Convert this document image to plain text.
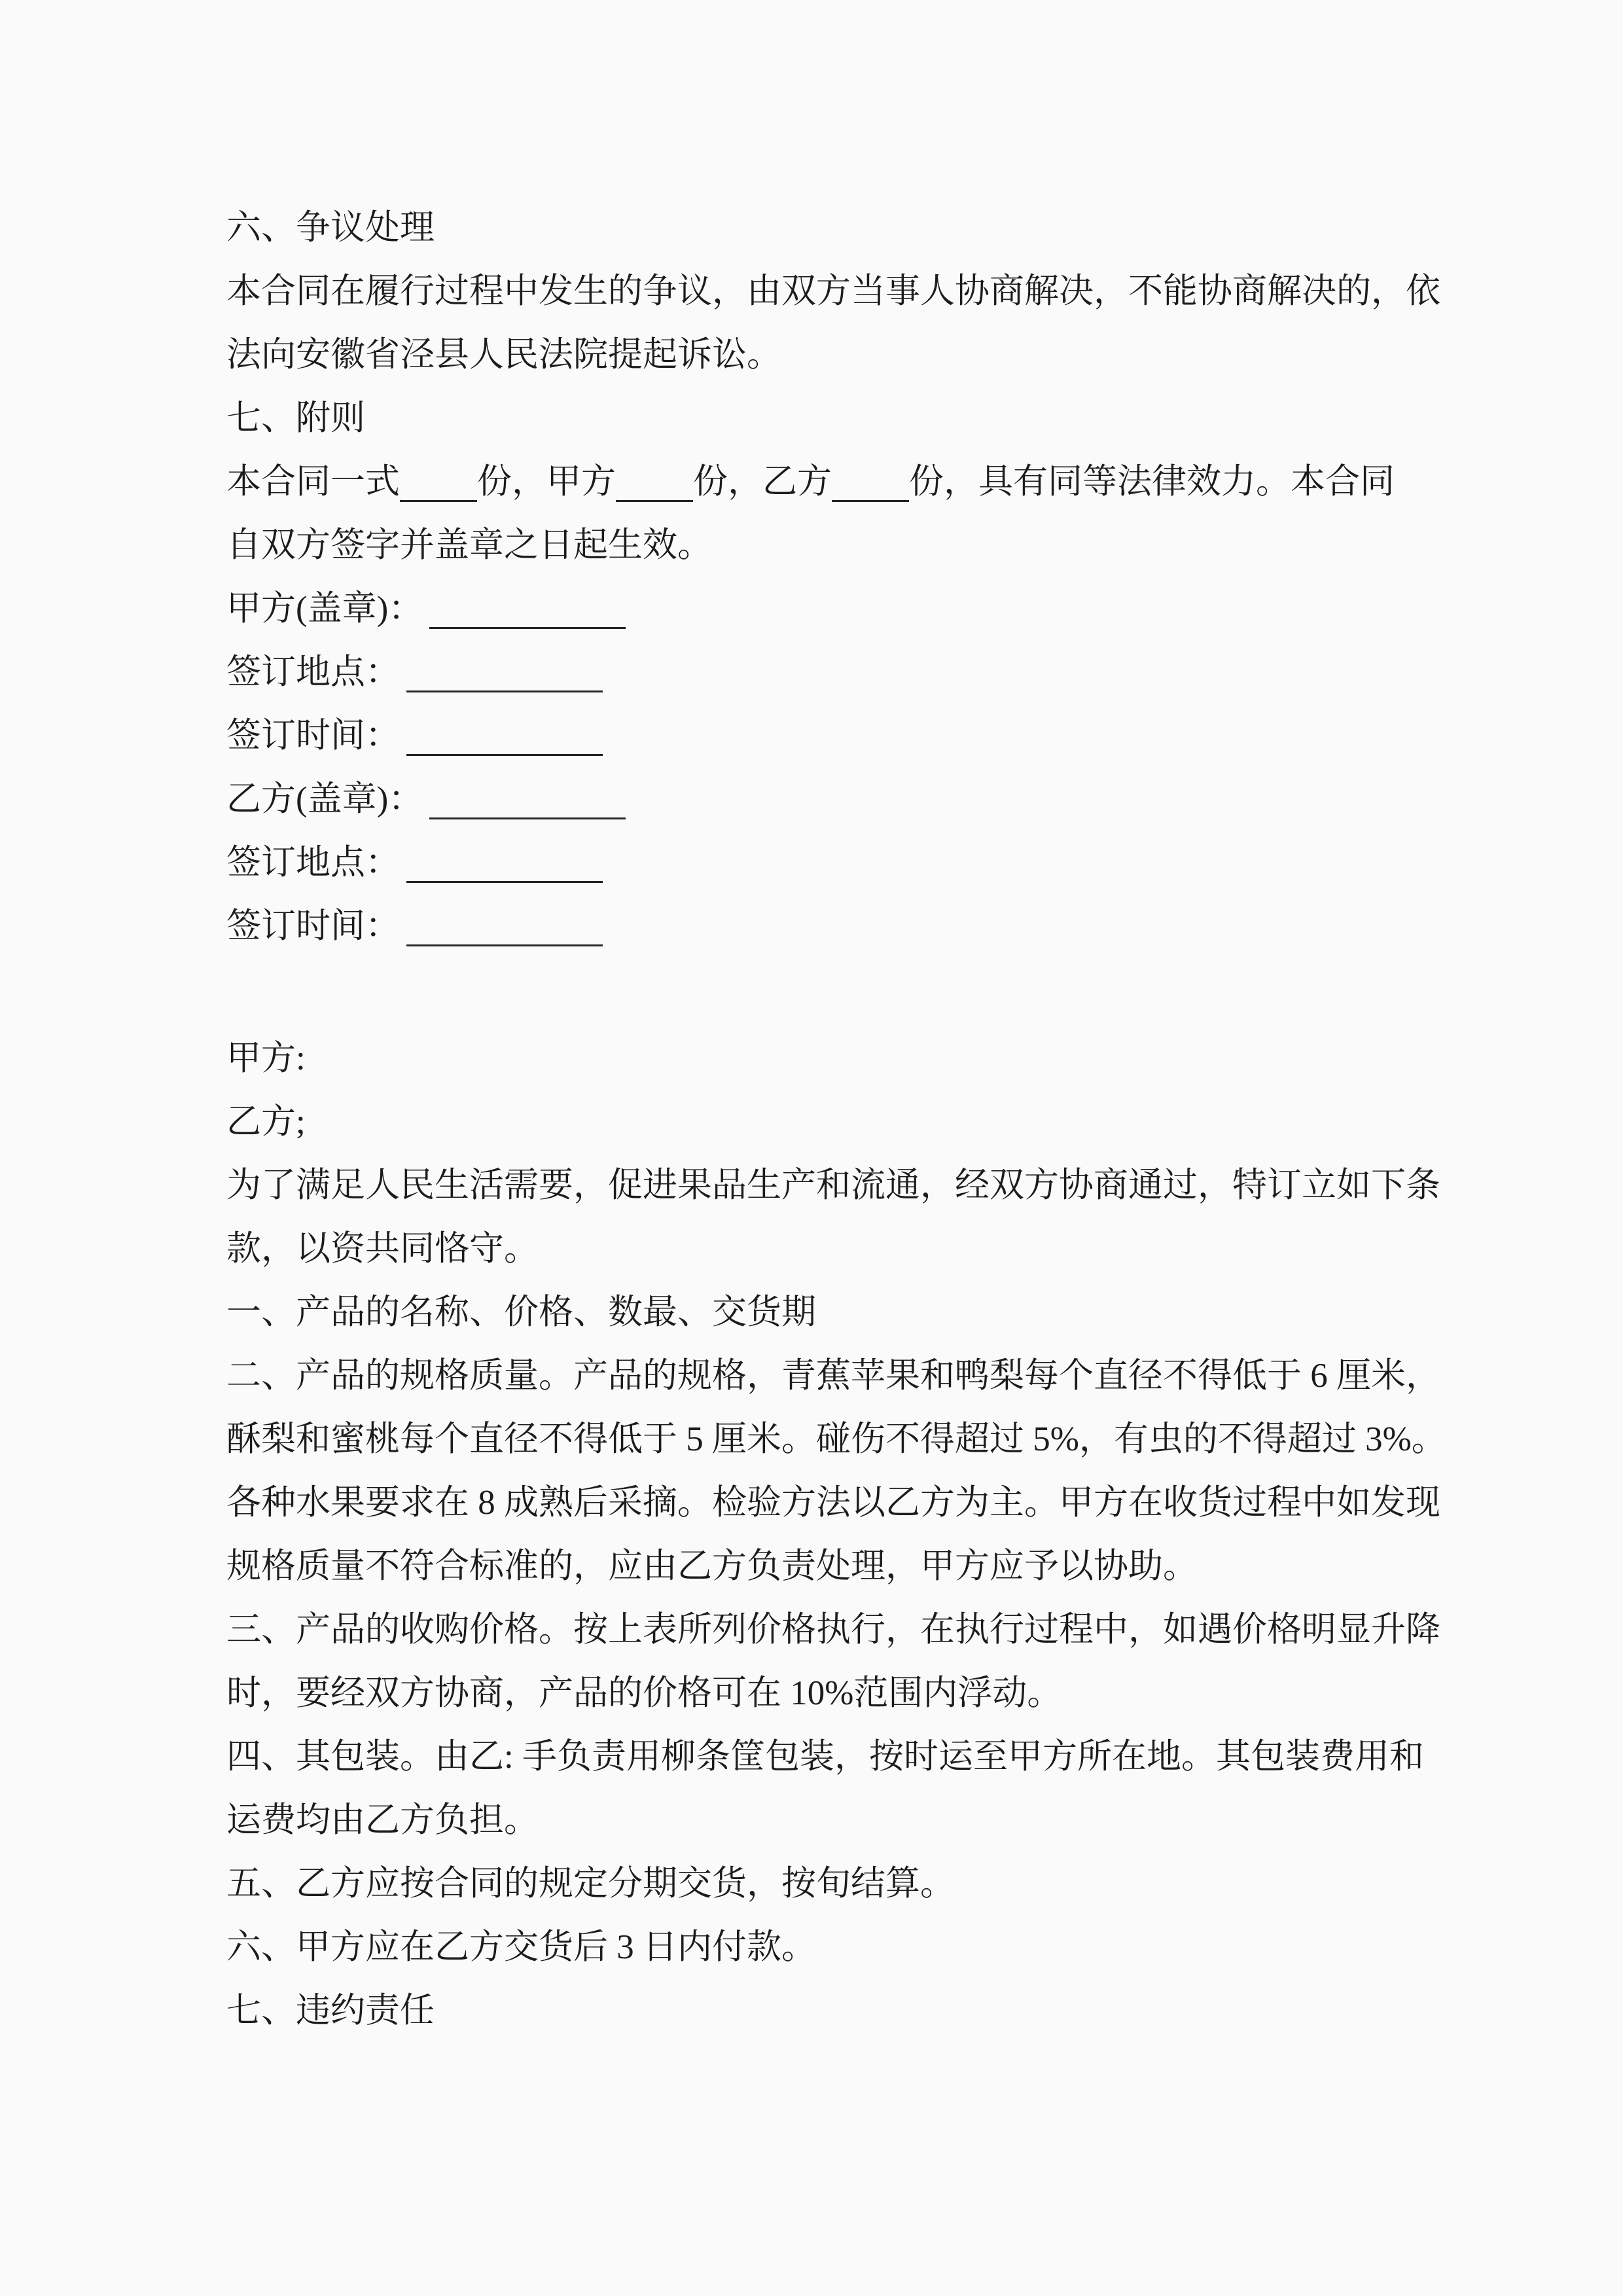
六、争议处理
本合同在履行过程中发生的争议，由双方当事人协商解决，不能协商解决的，依
法向安徽省泾县人民法院提起诉讼。
七、附则
本合同一式 份，甲方 份，乙方 份，具有同等法律效力。本合同
自双方签字并盖章之日起生效。
甲方(盖章)：
签订地点：
签订时间：
乙方(盖章)：
签订地点：
签订时间：
甲方:
乙方;
为了满足人民生活需要，促进果品生产和流通，经双方协商通过，特订立如下条
款，以资共同恪守。
一、产品的名称、价格、数最、交货期
二、产品的规格质量。产品的规格，青蕉苹果和鸭梨每个直径不得低于 6 厘米，
酥梨和蜜桃每个直径不得低于 5 厘米。碰伤不得超过 5%，有虫的不得超过 3%。
各种水果要求在 8 成熟后采摘。检验方法以乙方为主。甲方在收货过程中如发现
规格质量不符合标准的，应由乙方负责处理，甲方应予以协助。
三、产品的收购价格。按上表所列价格执行，在执行过程中，如遇价格明显升降
时，要经双方协商，产品的价格可在 10%范围内浮动。
四、其包装。由乙: 手负责用柳条筐包装，按时运至甲方所在地。其包装费用和
运费均由乙方负担。
五、乙方应按合同的规定分期交货，按旬结算。
六、甲方应在乙方交货后 3 日内付款。
七、违约责任
